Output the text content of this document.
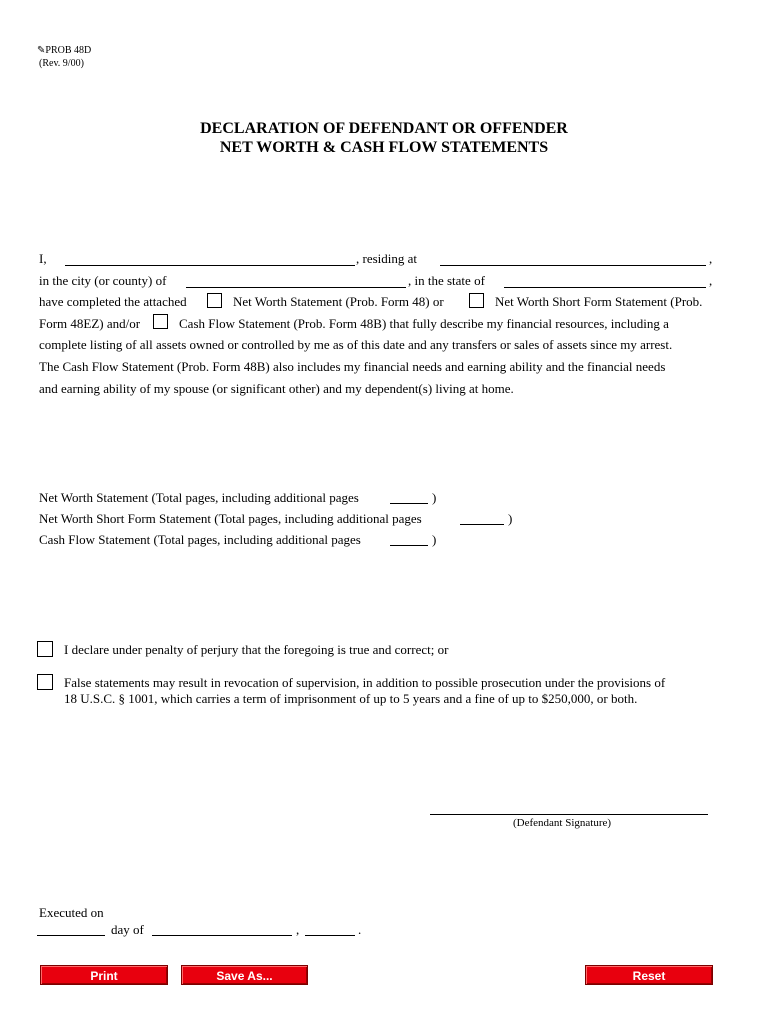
✎PROB 48D
(Rev. 9/00)
DECLARATION OF DEFENDANT OR OFFENDER
NET WORTH & CASH FLOW STATEMENTS
I,	, residing at	,
in the city (or county) of	, in the state of	,
have completed the attached	Net Worth Statement (Prob. Form 48) or	Net Worth Short Form Statement (Prob.
Form 48EZ) and/or	Cash Flow Statement (Prob. Form 48B) that fully describe my financial resources, including a
complete listing of all assets owned or controlled by me as of this date and any transfers or sales of assets since my arrest.
The Cash Flow Statement (Prob. Form 48B) also includes my financial needs and earning ability and the financial needs
and earning ability of my spouse (or significant other) and my dependent(s) living at home.
Net Worth Statement (Total pages, including additional pages	)
Net Worth Short Form Statement (Total pages, including additional pages	)
Cash Flow Statement (Total pages, including additional pages	)
I declare under penalty of perjury that the foregoing is true and correct; or
False statements may result in revocation of supervision, in addition to possible prosecution under the provisions of
18 U.S.C. § 1001, which carries a term of imprisonment of up to 5 years and a fine of up to $250,000, or both.
(Defendant Signature)
Executed on
day of	,	.
Print	Save As...	Reset
